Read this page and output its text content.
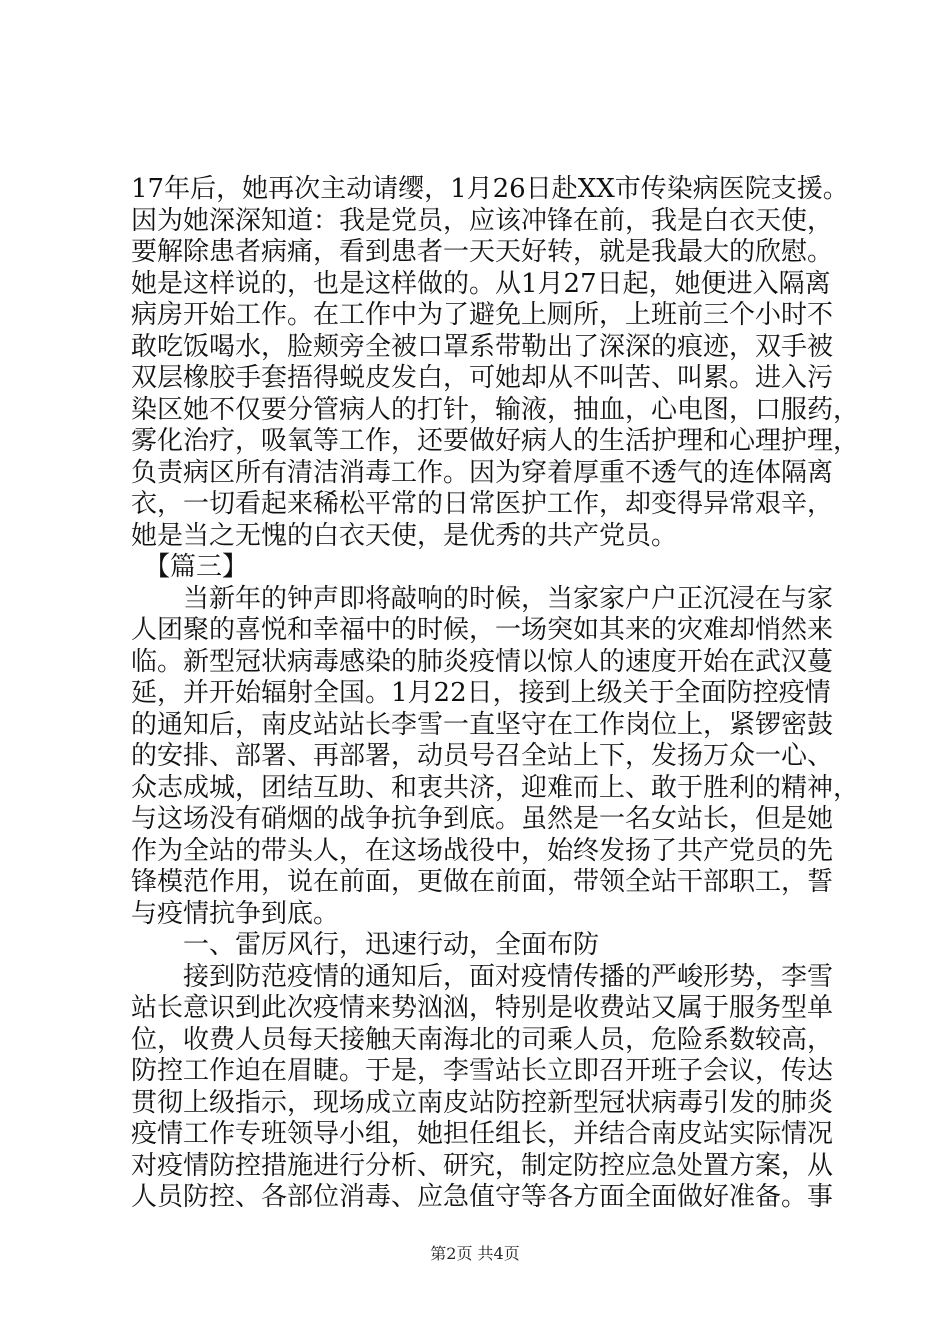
17年后，她再次主动请缨，1月26日赴XX市传染病医院支援。
因为她深深知道：我是党员，应该冲锋在前，我是白衣天使，
要解除患者病痛，看到患者一天天好转，就是我最大的欣慰。
她是这样说的，也是这样做的。从1月27日起，她便进入隔离
病房开始工作。在工作中为了避免上厕所，上班前三个小时不
敢吃饭喝水，脸颊旁全被口罩系带勒出了深深的痕迹，双手被
双层橡胶手套捂得蜕皮发白，可她却从不叫苦、叫累。进入污
染区她不仅要分管病人的打针，输液，抽血，心电图，口服药，
雾化治疗，吸氧等工作，还要做好病人的生活护理和心理护理，
负责病区所有清洁消毒工作。因为穿着厚重不透气的连体隔离
衣，一切看起来稀松平常的日常医护工作，却变得异常艰辛，
她是当之无愧的白衣天使，是优秀的共产党员。
　【篇三】
　　当新年的钟声即将敲响的时候，当家家户户正沉浸在与家
人团聚的喜悦和幸福中的时候，一场突如其来的灾难却悄然来
临。新型冠状病毒感染的肺炎疫情以惊人的速度开始在武汉蔓
延，并开始辐射全国。1月22日，接到上级关于全面防控疫情
的通知后，南皮站站长李雪一直坚守在工作岗位上，紧锣密鼓
的安排、部署、再部署，动员号召全站上下，发扬万众一心、
众志成城，团结互助、和衷共济，迎难而上、敢于胜利的精神，
与这场没有硝烟的战争抗争到底。虽然是一名女站长，但是她
作为全站的带头人，在这场战役中，始终发扬了共产党员的先
锋模范作用，说在前面，更做在前面，带领全站干部职工，誓
与疫情抗争到底。
　　一、雷厉风行，迅速行动，全面布防
　　接到防范疫情的通知后，面对疫情传播的严峻形势，李雪
站长意识到此次疫情来势汹汹，特别是收费站又属于服务型单
位，收费人员每天接触天南海北的司乘人员，危险系数较高，
防控工作迫在眉睫。于是，李雪站长立即召开班子会议，传达
贯彻上级指示，现场成立南皮站防控新型冠状病毒引发的肺炎
疫情工作专班领导小组，她担任组长，并结合南皮站实际情况
对疫情防控措施进行分析、研究，制定防控应急处置方案，从
人员防控、各部位消毒、应急值守等各方面全面做好准备。事
第2页 共4页
